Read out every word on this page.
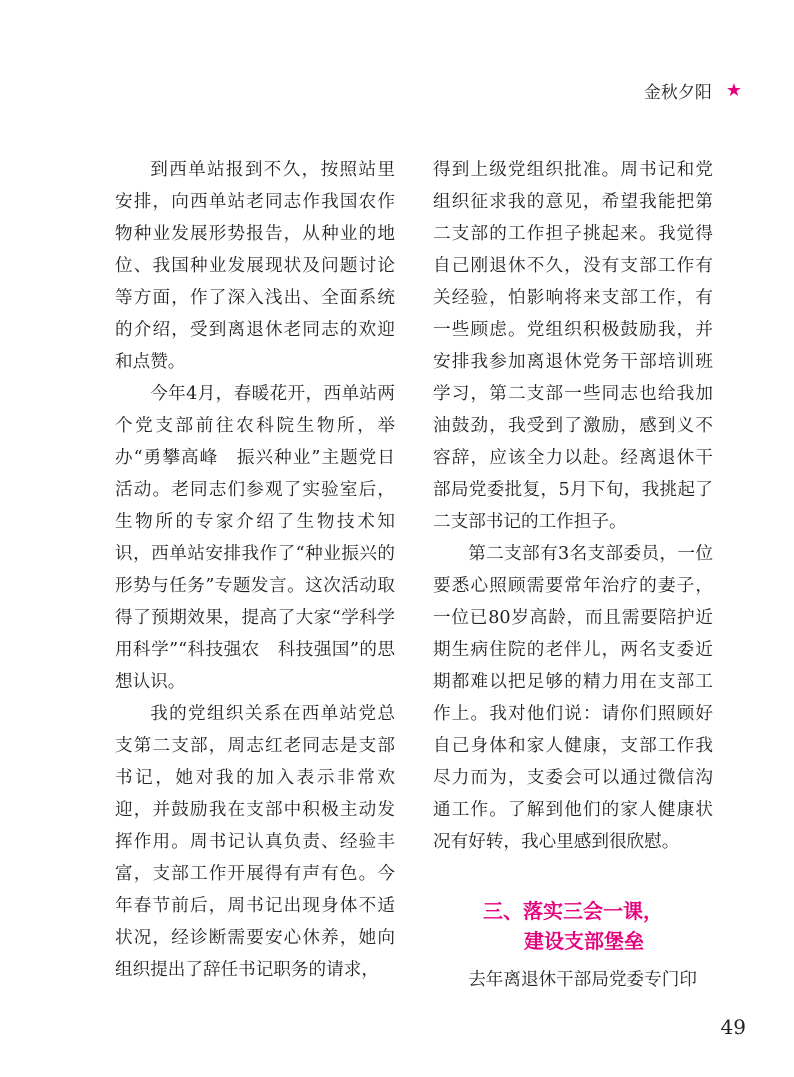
金秋夕阳 ★

到西单站报到不久，按照站里安排，向西单站老同志作我国农作物种业发展形势报告，从种业的地位、我国种业发展现状及问题讨论等方面，作了深入浅出、全面系统的介绍，受到离退休老同志的欢迎和点赞。

今年4月，春暖花开，西单站两个党支部前往农科院生物所，举办“勇攀高峰　振兴种业”主题党日活动。老同志们参观了实验室后，生物所的专家介绍了生物技术知识，西单站安排我作了“种业振兴的形势与任务”专题发言。这次活动取得了预期效果，提高了大家“学科学　用科学”“科技强农　科技强国”的思想认识。

我的党组织关系在西单站党总支第二支部，周志红老同志是支部书记，她对我的加入表示非常欢迎，并鼓励我在支部中积极主动发挥作用。周书记认真负责、经验丰富，支部工作开展得有声有色。今年春节前后，周书记出现身体不适状况，经诊断需要安心休养，她向组织提出了辞任书记职务的请求，

得到上级党组织批准。周书记和党组织征求我的意见，希望我能把第二支部的工作担子挑起来。我觉得自己刚退休不久，没有支部工作有关经验，怕影响将来支部工作，有一些顾虑。党组织积极鼓励我，并安排我参加离退休党务干部培训班学习，第二支部一些同志也给我加油鼓劲，我受到了激励，感到义不容辞，应该全力以赴。经离退休干部局党委批复，5月下旬，我挑起了二支部书记的工作担子。

第二支部有3名支部委员，一位要悉心照顾需要常年治疗的妻子，一位已80岁高龄，而且需要陪护近期生病住院的老伴儿，两名支委近期都难以把足够的精力用在支部工作上。我对他们说：请你们照顾好自己身体和家人健康，支部工作我尽力而为，支委会可以通过微信沟通工作。了解到他们的家人健康状况有好转，我心里感到很欣慰。

三、落实三会一课，
建设支部堡垒

去年离退休干部局党委专门印

49
